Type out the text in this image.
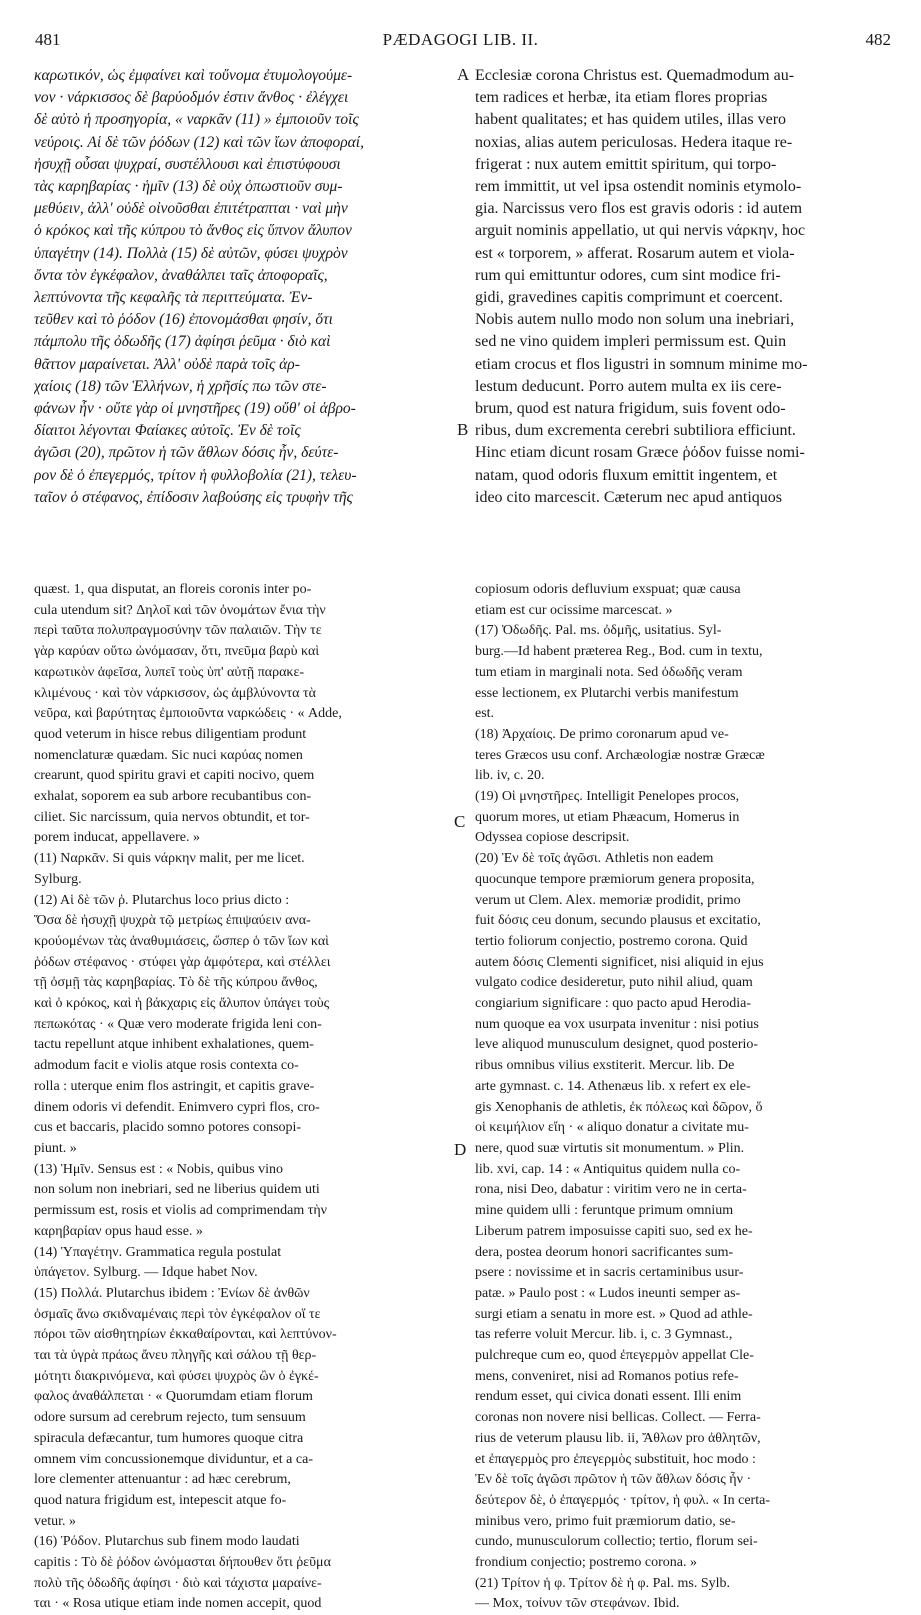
481	PÆDAGOGI LIB. II.	482
A
B
C
D
καρωτικόν, ὡς ἐμφαίνει καὶ τοὔνομα ἐτυμολογούμε-
νον · νάρκισσος δὲ βαρύοδμόν ἐστιν ἄνθος · ἐλέγχει
δὲ αὐτὸ ἡ προσηγορία, « ναρκᾶν (11) » ἐμποιοῦν τοῖς
νεύροις. Αἱ δὲ τῶν ῥόδων (12) καὶ τῶν ἴων ἀποφοραί,
ἠσυχῇ οὖσαι ψυχραί, συστέλλουσι καὶ ἐπιστύφουσι
τὰς καρηβαρίας · ἡμῖν (13) δὲ οὐχ ὁπωστιοῦν συμ-
μεθύειν, ἀλλ' οὐδὲ οἰνοῦσθαι ἐπιτέτραπται · ναὶ μὴν
ὁ κρόκος καὶ τῆς κύπρου τὸ ἄνθος εἰς ὕπνον ἄλυπον
ὑπαγέτην (14). Πολλὰ (15) δὲ αὐτῶν, φύσει ψυχρὸν
ὄντα τὸν ἐγκέφαλον, ἀναθάλπει ταῖς ἀποφοραῖς,
λεπτύνοντα τῆς κεφαλῆς τὰ περιττεύματα. Ἐν-
τεῦθεν καὶ τὸ ῥόδον (16) ἐπονομάσθαι φησίν, ὅτι
πάμπολυ τῆς ὀδωδῆς (17) ἀφίησι ῥεῦμα · διὸ καὶ
θᾶττον μαραίνεται. Ἀλλ' οὐδὲ παρὰ τοῖς ἀρ-
χαίοις (18) τῶν Ἑλλήνων, ἡ χρῆσίς πω τῶν στε-
φάνων ἦν · οὔτε γὰρ οἱ μνηστῆρες (19) οὔθ' οἱ ἁβρο-
δίαιτοι λέγονται Φαίακες αὐτοῖς. Ἐν δὲ τοῖς
ἀγῶσι (20), πρῶτον ἡ τῶν ἄθλων δόσις ἦν, δεύτε-
ρον δὲ ὁ ἐπεγερμός, τρίτον ἡ φυλλοβολία (21), τελευ-
ταῖον ὁ στέφανος, ἐπίδοσιν λαβούσης εἰς τρυφὴν τῆς
Ecclesiæ corona Christus est. Quemadmodum au-
tem radices et herbæ, ita etiam flores proprias
habent qualitates; et has quidem utiles, illas vero
noxias, alias autem periculosas. Hedera itaque re-
frigerat : nux autem emittit spiritum, qui torpo-
rem immittit, ut vel ipsa ostendit nominis etymolo-
gia. Narcissus vero flos est gravis odoris : id autem
arguit nominis appellatio, ut qui nervis νάρκην, hoc
est « torporem, » afferat. Rosarum autem et viola-
rum qui emittuntur odores, cum sint modice fri-
gidi, gravedines capitis comprimunt et coercent.
Nobis autem nullo modo non solum una inebriari,
sed ne vino quidem impleri permissum est. Quin
etiam crocus et flos ligustri in somnum minime mo-
lestum deducunt. Porro autem multa ex iis cere-
brum, quod est natura frigidum, suis fovent odo-
ribus, dum excrementa cerebri subtiliora efficiunt.
Hinc etiam dicunt rosam Græce ῥόδον fuisse nomi-
natam, quod odoris fluxum emittit ingentem, et
ideo cito marcescit. Cæterum nec apud antiquos
quæst. 1, qua disputat, an floreis coronis inter po-
cula utendum sit? Δηλοῖ καὶ τῶν ὀνομάτων ἔνια τὴν
περὶ ταῦτα πολυπραγμοσύνην τῶν παλαιῶν. Τὴν τε
γὰρ καρύαν οὕτω ὠνόμασαν, ὅτι, πνεῦμα βαρὺ καὶ
καρωτικὸν ἀφεῖσα, λυπεῖ τοὺς ὑπ' αὐτῇ παρακε-
κλιμένους · καὶ τὸν νάρκισσον, ὡς ἀμβλύνοντα τὰ
νεῦρα, καὶ βαρύτητας ἐμποιοῦντα ναρκώδεις · « Adde,
quod veterum in hisce rebus diligentiam produnt
nomenclaturæ quædam. Sic nuci καρύας nomen
crearunt, quod spiritu gravi et capiti nocivo, quem
exhalat, soporem ea sub arbore recubantibus con-
ciliet. Sic narcissum, quia nervos obtundit, et tor-
porem inducat, appellavere. »
(11) Ναρκᾶν. Si quis νάρκην malit, per me licet.
Sylburg.
(12) Αἱ δὲ τῶν ῥ. Plutarchus loco prius dicto :
Ὅσα δὲ ἠσυχῇ ψυχρὰ τῷ μετρίως ἐπιψαύειν ανα-
κρούομένων τὰς ἀναθυμιάσεις, ὥσπερ ὁ τῶν ἴων καὶ
ῥόδων στέφανος · στύφει γὰρ ἀμφότερα, καὶ στέλλει
τῇ ὀσμῇ τὰς καρηβαρίας. Τὸ δὲ τῆς κύπρου ἄνθος,
καὶ ὁ κρόκος, καὶ ἡ βάκχαρις εἰς ἄλυπον ὑπάγει τοὺς
πεπωκότας · « Quæ vero moderate frigida leni con-
tactu repellunt atque inhibent exhalationes, quem-
admodum facit e violis atque rosis contexta co-
rolla : uterque enim flos astringit, et capitis grave-
dinem odoris vi defendit. Enimvero cypri flos, cro-
cus et baccaris, placido somno potores consopi-
piunt. »
(13) Ἡμῖν. Sensus est : « Nobis, quibus vino
non solum non inebriari, sed ne liberius quidem uti
permissum est, rosis et violis ad comprimendam τὴν
καρηβαρίαν opus haud esse. »
(14) Ὑπαγέτην. Grammatica regula postulat
ὑπάγετον. Sylburg. — Idque habet Nov.
(15) Πολλά. Plutarchus ibidem : Ἐνίων δὲ ἀνθῶν
ὀσμαῖς ἄνω σκιδναμέναις περὶ τὸν ἐγκέφαλον οἵ τε
πόροι τῶν αἰσθητηρίων ἐκκαθαίρονται, καὶ λεπτύνον-
ται τὰ ὑγρὰ πράως ἄνευ πληγῆς καὶ σάλου τῇ θερ-
μότητι διακρινόμενα, καὶ φύσει ψυχρὸς ὢν ὁ ἐγκέ-
φαλος ἀναθάλπεται · « Quorumdam etiam florum
odore sursum ad cerebrum rejecto, tum sensuum
spiracula defæcantur, tum humores quoque citra
omnem vim concussionemque dividuntur, et a ca-
lore clementer attenuantur : ad hæc cerebrum,
quod natura frigidum est, intepescit atque fo-
vetur. »
(16) Ῥόδον. Plutarchus sub finem modo laudati
capitis : Τὸ δὲ ῥόδον ὠνόμασται δήπουθεν ὅτι ῥεῦμα
πολὺ τῆς ὀδωδῆς ἀφίησι · διὸ καὶ τάχιστα μαραίνε-
ται · « Rosa utique etiam inde nomen accepit, quod
copiosum odoris defluvium exspuat; quæ causa
etiam est cur ocissime marcescat. »
(17) Ὀδωδῆς. Pal. ms. ὀδμῆς, usitatius. Syl-
burg.—Id habent præterea Reg., Bod. cum in textu,
tum etiam in marginali nota. Sed ὀδωδῆς veram
esse lectionem, ex Plutarchi verbis manifestum
est.
(18) Ἀρχαίοις. De primo coronarum apud ve-
teres Græcos usu conf. Archæologiæ nostræ Græcæ
lib. iv, c. 20.
(19) Οἱ μνηστῆρες. Intelligit Penelopes procos,
quorum mores, ut etiam Phæacum, Homerus in
Odyssea copiose descripsit.
(20) Ἐν δὲ τοῖς ἀγῶσι. Athletis non eadem
quocunque tempore præmiorum genera proposita,
verum ut Clem. Alex. memoriæ prodidit, primo
fuit δόσις ceu donum, secundo plausus et excitatio,
tertio foliorum conjectio, postremo corona. Quid
autem δόσις Clementi significet, nisi aliquid in ejus
vulgato codice desideretur, puto nihil aliud, quam
congiarium significare : quo pacto apud Herodia-
num quoque ea vox usurpata invenitur : nisi potius
leve aliquod munusculum designet, quod posterio-
ribus omnibus vilius exstiterit. Mercur. lib. De
arte gymnast. c. 14. Athenæus lib. x refert ex ele-
gis Xenophanis de athletis, ἐκ πόλεως καὶ δῶρον, ὅ
οἱ κειμήλιον εἴη · « aliquo donatur a civitate mu-
nere, quod suæ virtutis sit monumentum. » Plin.
lib. xvi, cap. 14 : « Antiquitus quidem nulla co-
rona, nisi Deo, dabatur : viritim vero ne in certa-
mine quidem ulli : feruntque primum omnium
Liberum patrem imposuisse capiti suo, sed ex he-
dera, postea deorum honori sacrificantes sum-
psere : novissime et in sacris certaminibus usur-
patæ. » Paulo post : « Ludos ineunti semper as-
surgi etiam a senatu in more est. » Quod ad athle-
tas referre voluit Mercur. lib. i, c. 3 Gymnast.,
pulchreque cum eo, quod ἐπεγερμὸν appellat Cle-
mens, conveniret, nisi ad Romanos potius refe-
rendum esset, qui civica donati essent. Illi enim
coronas non novere nisi bellicas. Collect. — Ferra-
rius de veterum plausu lib. ii, Ἄθλων pro ἀθλητῶν,
et ἐπαγερμὸς pro ἐπεγερμὸς substituit, hoc modo :
Ἐν δὲ τοῖς ἀγῶσι πρῶτον ἡ τῶν ἄθλων δόσις ἦν ·
δεύτερον δὲ, ὁ ἐπαγερμός · τρίτον, ἡ φυλ. « In certa-
minibus vero, primo fuit præmiorum datio, se-
cundo, munusculorum collectio; tertio, florum sei-
frondium conjectio; postremo corona. »
(21) Τρίτον ἡ φ. Τρίτον δὲ ἡ φ. Pal. ms. Sylb.
— Mox, τοίνυν τῶν στεφάνων. Ibid.
